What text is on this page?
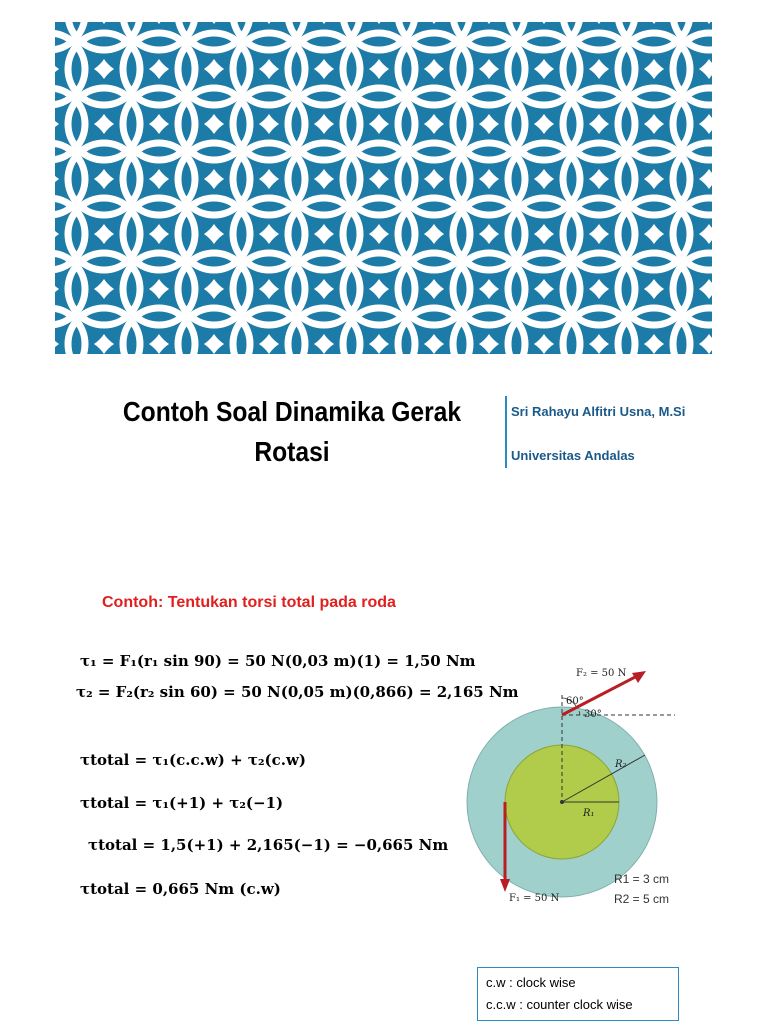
Contoh Soal Dinamika Gerak
Rotasi
Sri Rahayu Alfitri Usna, M.Si
Universitas Andalas
Contoh: Tentukan torsi total pada roda
τ₁ = F₁(r₁ sin 90) = 50 N(0,03 m)(1) = 1,50 Nm
τ₂ = F₂(r₂ sin 60) = 50 N(0,05 m)(0,866) = 2,165 Nm
τtotal = τ₁(c.c.w) + τ₂(c.w)
τtotal = τ₁(+1) + τ₂(−1)
τtotal = 1,5(+1) + 2,165(−1) = −0,665 Nm
τtotal = 0,665 Nm (c.w)
F₂ = 50 N
60°
30°
R₂
R₁
F₁ = 50 N
R1 = 3 cm
R2 = 5 cm
c.w : clock wise
c.c.w : counter clock wise
